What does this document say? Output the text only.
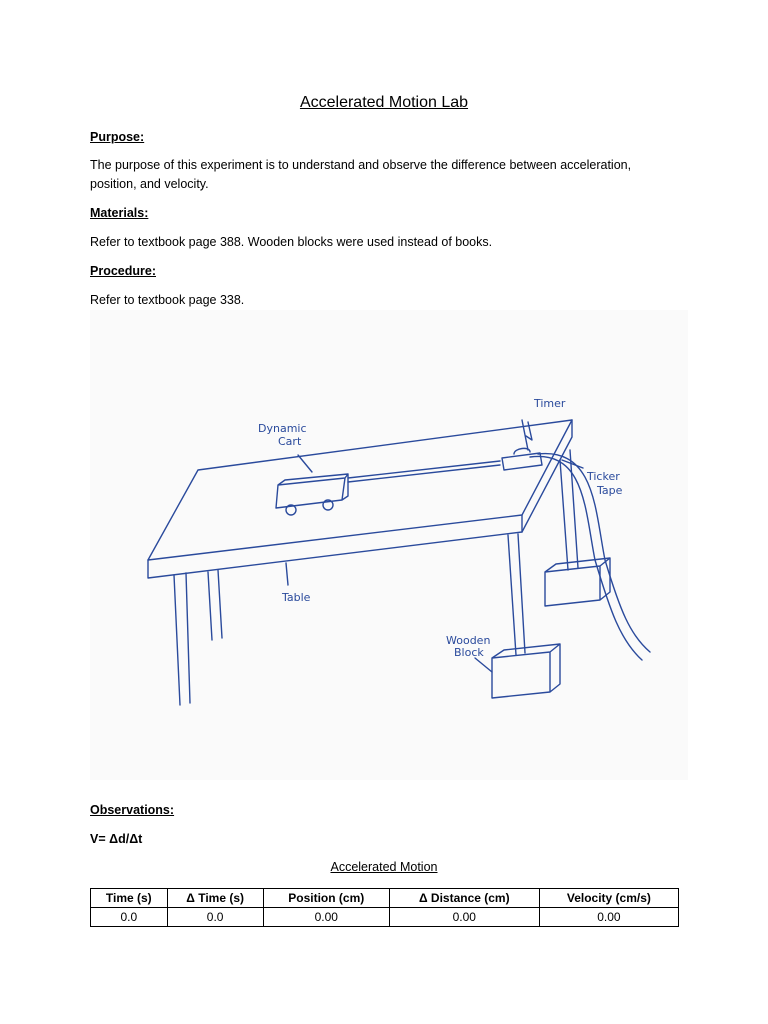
Accelerated Motion Lab
Purpose:
The purpose of this experiment is to understand and observe the difference between acceleration, position, and velocity.
Materials:
Refer to textbook page 388. Wooden blocks were used instead of books.
Procedure:
Refer to textbook page 338.
Dynamic
Cart
Timer
Ticker
Tape
Table
Wooden
Block
Observations:
V= Δd/Δt
Accelerated Motion
Time (s)	Δ Time (s)	Position (cm)	Δ Distance (cm)	Velocity (cm/s)
0.0	0.0	0.00	0.00	0.00
